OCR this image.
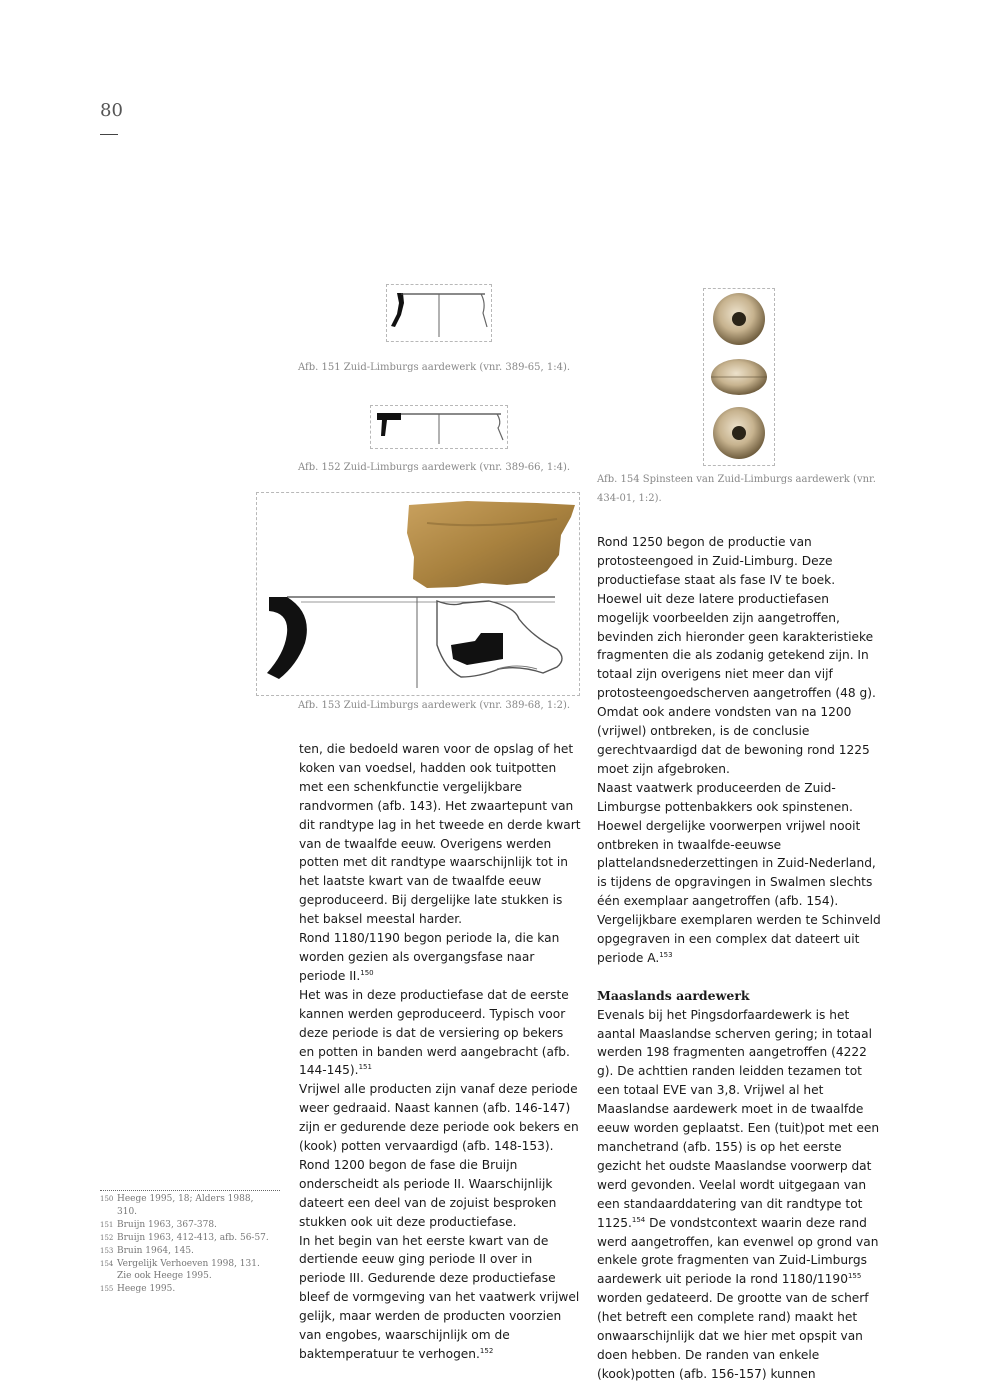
80
Afb. 151 Zuid-Limburgs aardewerk (vnr. 389-65, 1:4).
Afb. 152 Zuid-Limburgs aardewerk (vnr. 389-66, 1:4).
Afb. 153 Zuid-Limburgs aardewerk (vnr. 389-68, 1:2).
Afb. 154 Spinsteen van Zuid-Limburgs aardewerk (vnr.
434-01, 1:2).

ten, die bedoeld waren voor de opslag of het koken van voedsel, hadden ook tuitpotten met een schenkfunctie vergelijkbare randvormen (afb. 143). Het zwaartepunt van dit randtype lag in het tweede en derde kwart van de twaalfde eeuw. Overigens werden potten met dit randtype waarschijnlijk tot in het laatste kwart van de twaalfde eeuw geproduceerd. Bij dergelijke late stukken is het baksel meestal harder.

Rond 1180/1190 begon periode Ia, die kan worden gezien als overgangsfase naar periode II.$^{150}$

Het was in deze productiefase dat de eerste kannen werden geproduceerd. Typisch voor deze periode is dat de versiering op bekers en potten in banden werd aangebracht (afb. 144-145).$^{151}$

Vrijwel alle producten zijn vanaf deze periode weer gedraaid. Naast kannen (afb. 146-147) zijn er gedurende deze periode ook bekers en (kook) potten vervaardigd (afb. 148-153).

Rond 1200 begon de fase die Bruijn onderscheidt als periode II. Waarschijnlijk dateert een deel van de zojuist besproken stukken ook uit deze productiefase.

In het begin van het eerste kwart van de dertiende eeuw ging periode II over in periode III. Gedurende deze productiefase bleef de vormgeving van het vaatwerk vrijwel gelijk, maar werden de producten voorzien van engobes, waarschijnlijk om de baktemperatuur te verhogen.$^{152}$

Rond 1250 begon de productie van protosteengoed in Zuid-Limburg. Deze productiefase staat als fase IV te boek. Hoewel uit deze latere productiefasen mogelijk voorbeelden zijn aangetroffen, bevinden zich hieronder geen karakteristieke fragmenten die als zodanig getekend zijn. In totaal zijn overigens niet meer dan vijf protosteengoedscherven aangetroffen (48 g). Omdat ook andere vondsten van na 1200 (vrijwel) ontbreken, is de conclusie gerechtvaardigd dat de bewoning rond 1225 moet zijn afgebroken.

Naast vaatwerk produceerden de Zuid-Limburgse pottenbakkers ook spinstenen. Hoewel dergelijke voorwerpen vrijwel nooit ontbreken in twaalfde-eeuwse plattelandsnederzettingen in Zuid-Nederland, is tijdens de opgravingen in Swalmen slechts één exemplaar aangetroffen (afb. 154). Vergelijkbare exemplaren werden te Schinveld opgegraven in een complex dat dateert uit periode A.$^{153}$

Maaslands aardewerk

Evenals bij het Pingsdorfaardewerk is het aantal Maaslandse scherven gering; in totaal werden 198 fragmenten aangetroffen (4222 g). De achttien randen leidden tezamen tot een totaal EVE van 3,8. Vrijwel al het Maaslandse aardewerk moet in de twaalfde eeuw worden geplaatst. Een (tuit)pot met een manchetrand (afb. 155) is op het eerste gezicht het oudste Maaslandse voorwerp dat werd gevonden. Veelal wordt uitgegaan van een standaarddatering van dit randtype tot 1125.$^{154}$ De vondstcontext waarin deze rand werd aangetroffen, kan evenwel op grond van enkele grote fragmenten van Zuid-Limburgs aardewerk uit periode Ia rond 1180/1190$^{155}$ worden gedateerd. De grootte van de scherf (het betreft een complete rand) maakt het onwaarschijnlijk dat we hier met opspit van doen hebben. De randen van enkele (kook)potten (afb. 156-157) kunnen

150 Heege 1995, 18; Alders 1988, 310.
151 Bruijn 1963, 367-378.
152 Bruijn 1963, 412-413, afb. 56-57.
153 Bruin 1964, 145.
154 Vergelijk Verhoeven 1998, 131. Zie ook Heege 1995.
155 Heege 1995.
